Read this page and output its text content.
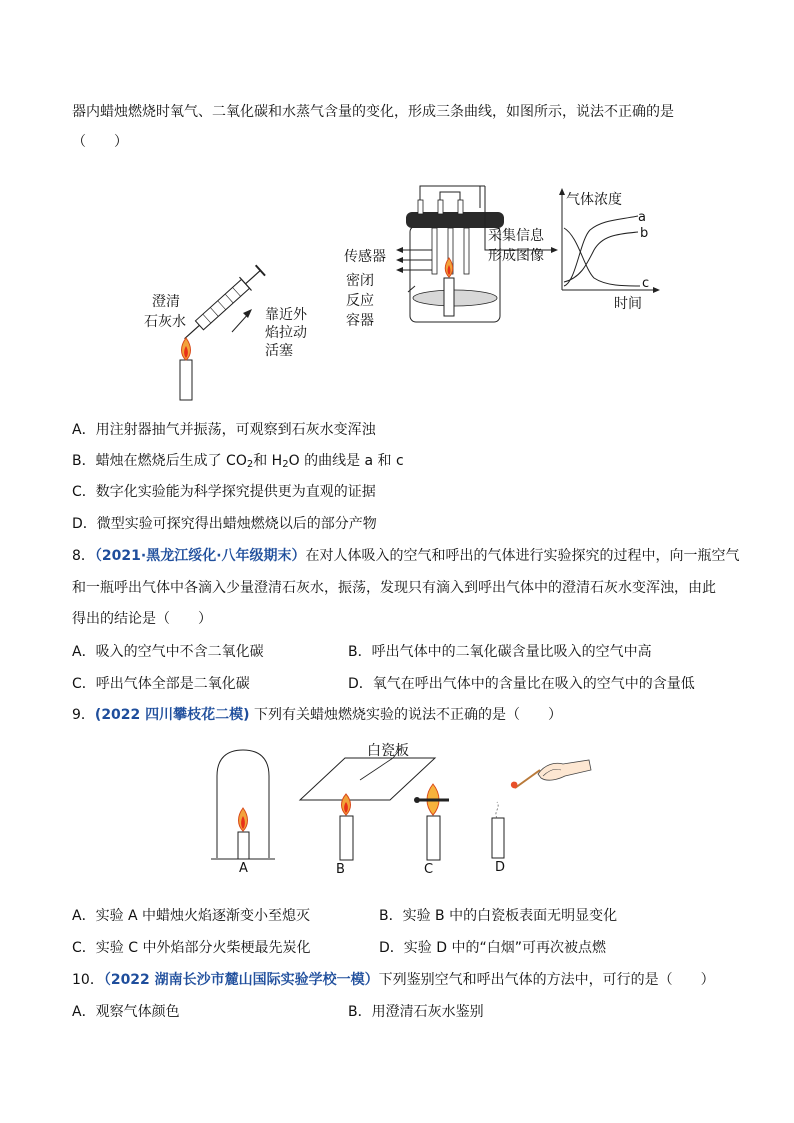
器内蜡烛燃烧时氧气、二氧化碳和水蒸气含量的变化，形成三条曲线，如图所示，说法不正确的是
（　　）
澄清
石灰水	靠近外
焰拉动
活塞
传感器
密闭
反应
容器
采集信息
形成图像
气体浓度
时间
a
b
c
A．用注射器抽气并振荡，可观察到石灰水变浑浊
B．蜡烛在燃烧后生成了 $CO_2$和 $H_2O$ 的曲线是 a 和 c
C．数字化实验能为科学探究提供更为直观的证据
D．微型实验可探究得出蜡烛燃烧以后的部分产物
8．（2021·黑龙江绥化·八年级期末）在对人体吸入的空气和呼出的气体进行实验探究的过程中，向一瓶空气
和一瓶呼出气体中各滴入少量澄清石灰水，振荡，发现只有滴入到呼出气体中的澄清石灰水变浑浊，由此
得出的结论是（　　）
A．吸入的空气中不含二氧化碳	B．呼出气体中的二氧化碳含量比吸入的空气中高
C．呼出气体全部是二氧化碳	D．氧气在呼出气体中的含量比在吸入的空气中的含量低
9．(2022 四川攀枝花二模) 下列有关蜡烛燃烧实验的说法不正确的是（　　）
白瓷板
A	B	C	D
A．实验 A 中蜡烛火焰逐渐变小至熄灭	B．实验 B 中的白瓷板表面无明显变化
C．实验 C 中外焰部分火柴梗最先炭化	D．实验 D 中的“白烟”可再次被点燃
10．（2022 湖南长沙市麓山国际实验学校一模）下列鉴别空气和呼出气体的方法中，可行的是（　　）
A．观察气体颜色	B．用澄清石灰水鉴别
